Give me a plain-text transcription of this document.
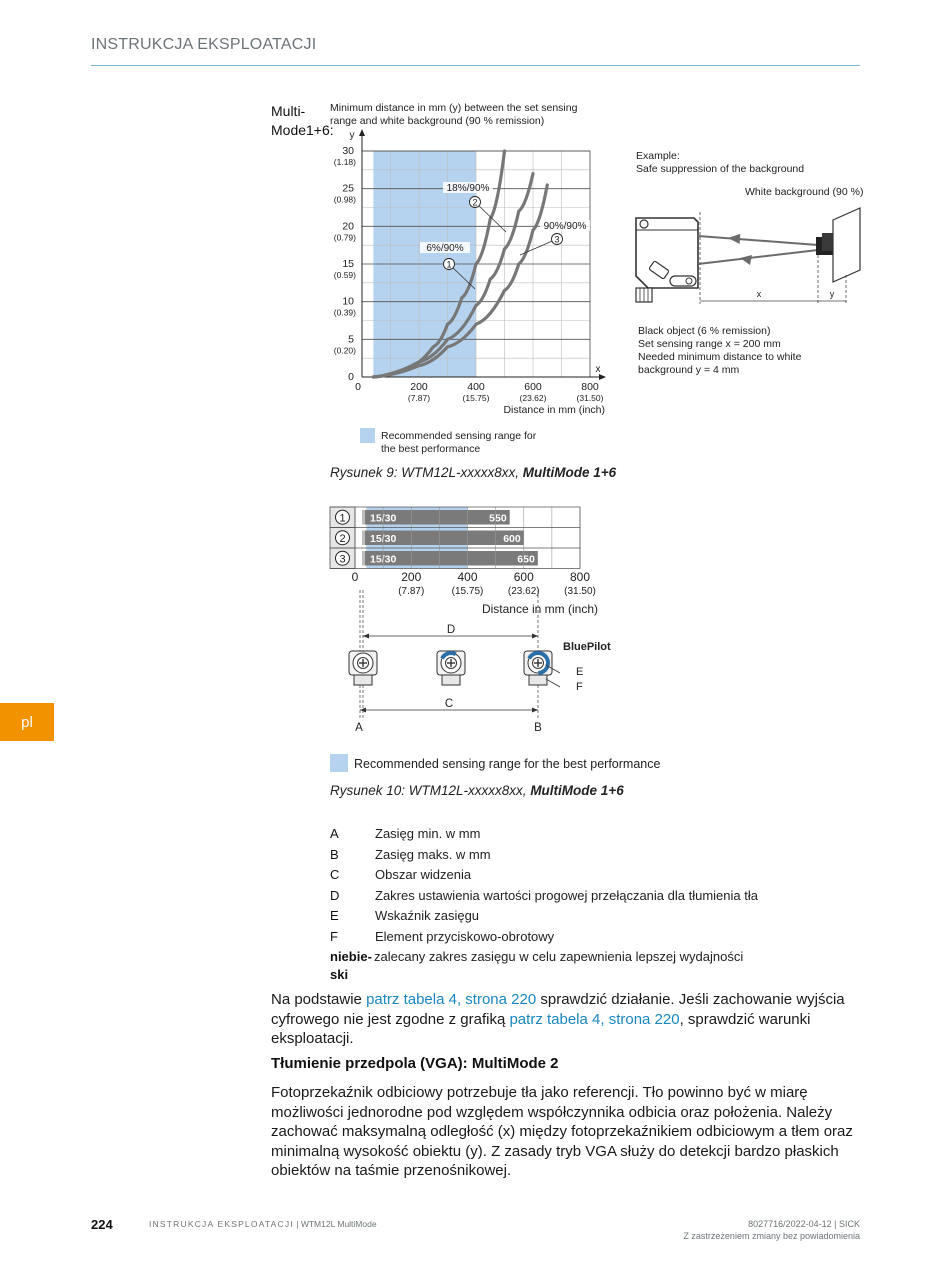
INSTRUKCJA EKSPLOATACJI
pl
Multi-Mode1+6:
Minimum distance in mm (y) between the set sensing range and white background (90 % remission)
y
x
0
5
(0.20)
10
(0.39)
15
(0.59)
20
(0.79)
25
(0.98)
30
(1.18)
0	200
(7.87)
400
(15.75)
600
(23.62)
800
(31.50)
Distance in mm (inch)
6%/90%
1
18%/90%
2
90%/90%
3
Recommended sensing range for the best performance
Example:
Safe suppression of the background
White background (90 %)
x	y
Black object (6 % remission)
Set sensing range x = 200 mm
Needed minimum distance to white background y = 4 mm
Rysunek 9: WTM12L-xxxxx8xx, MultiMode 1+6
1 15/30	550
2 15/30	600
3 15/30	650
0	200
(7.87)
400
(15.75)
600
(23.62)
800
(31.50)
Distance in mm (inch)
D
C
A	B
BluePilot
E
F
Recommended sensing range for the best performance
Rysunek 10: WTM12L-xxxxx8xx, MultiMode 1+6
A	Zasięg min. w mm
B	Zasięg maks. w mm
C	Obszar widzenia
D	Zakres ustawienia wartości progowej przełączania dla tłumienia tła
E	Wskaźnik zasięgu
F	Element przyciskowo-obrotowy
niebie-ski
zalecany zakres zasięgu w celu zapewnienia lepszej wydajności
Na podstawie patrz tabela 4, strona 220 sprawdzić działanie. Jeśli zachowanie wyjścia cyfrowego nie jest zgodne z grafiką patrz tabela 4, strona 220, sprawdzić warunki eksploatacji.
Tłumienie przedpola (VGA): MultiMode 2
Fotoprzekaźnik odbiciowy potrzebuje tła jako referencji. Tło powinno być w miarę możliwości jednorodne pod względem współczynnika odbicia oraz położenia. Należy zachować maksymalną odległość (x) między fotoprzekaźnikiem odbiciowym a tłem oraz minimalną wysokość obiektu (y). Z zasady tryb VGA służy do detekcji bardzo płaskich obiektów na taśmie przenośnikowej.
224	INSTRUKCJA EKSPLOATACJI | WTM12L MultiMode	8027716/2022-04-12 | SICK
Z zastrzeżeniem zmiany bez powiadomienia
